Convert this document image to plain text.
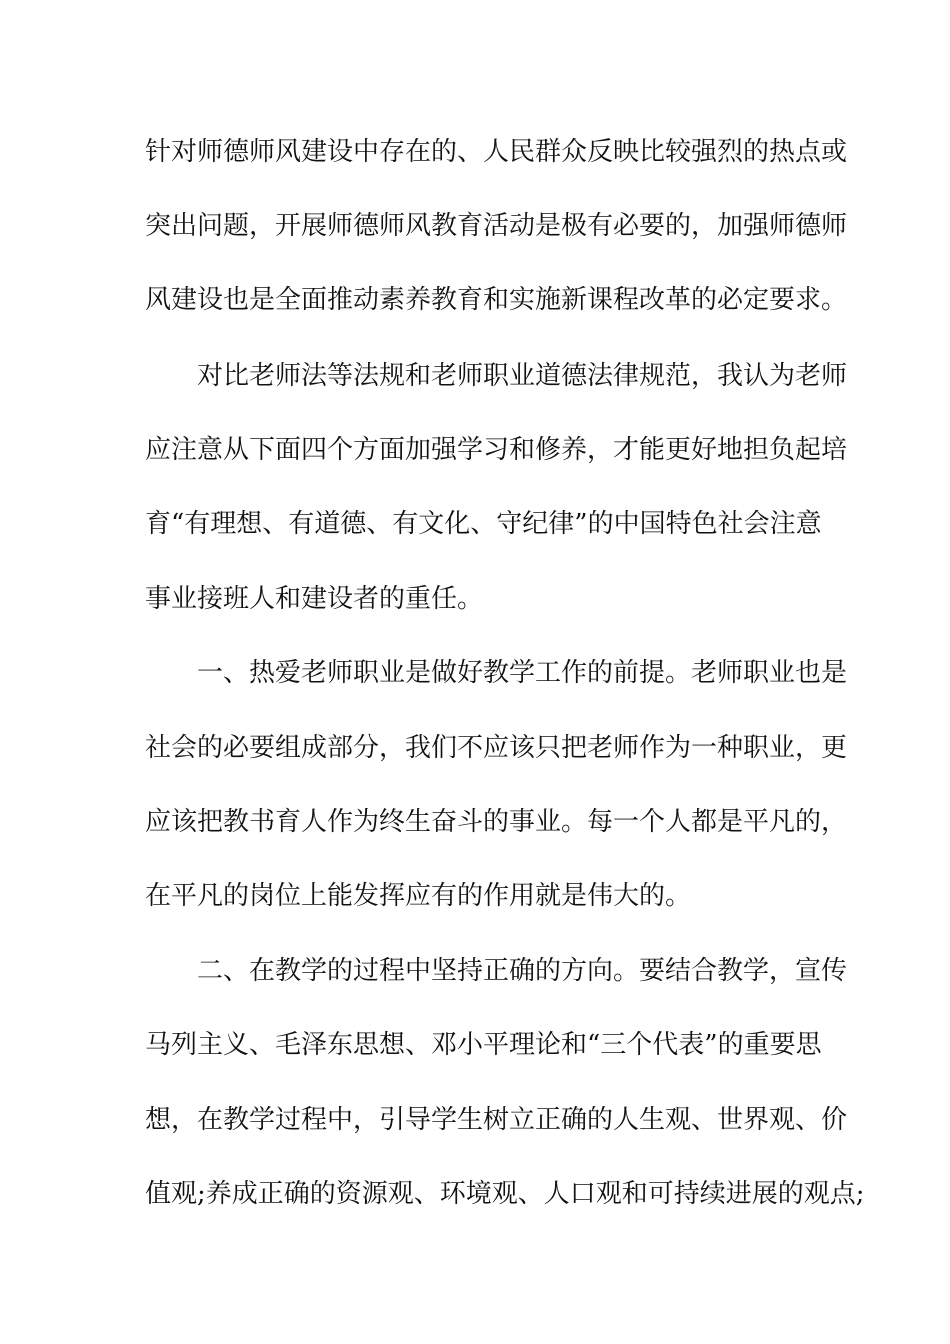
针对师德师风建设中存在的、人民群众反映比较强烈的热点或
突出问题，开展师德师风教育活动是极有必要的，加强师德师
风建设也是全面推动素养教育和实施新课程改革的必定要求。
对比老师法等法规和老师职业道德法律规范，我认为老师
应注意从下面四个方面加强学习和修养，才能更好地担负起培
育“有理想、有道德、有文化、守纪律”的中国特色社会注意
事业接班人和建设者的重任。
一、热爱老师职业是做好教学工作的前提。老师职业也是
社会的必要组成部分，我们不应该只把老师作为一种职业，更
应该把教书育人作为终生奋斗的事业。每一个人都是平凡的，
在平凡的岗位上能发挥应有的作用就是伟大的。
二、在教学的过程中坚持正确的方向。要结合教学，宣传
马列主义、毛泽东思想、邓小平理论和“三个代表”的重要思
想，在教学过程中，引导学生树立正确的人生观、世界观、价
值观;养成正确的资源观、环境观、人口观和可持续进展的观点;
